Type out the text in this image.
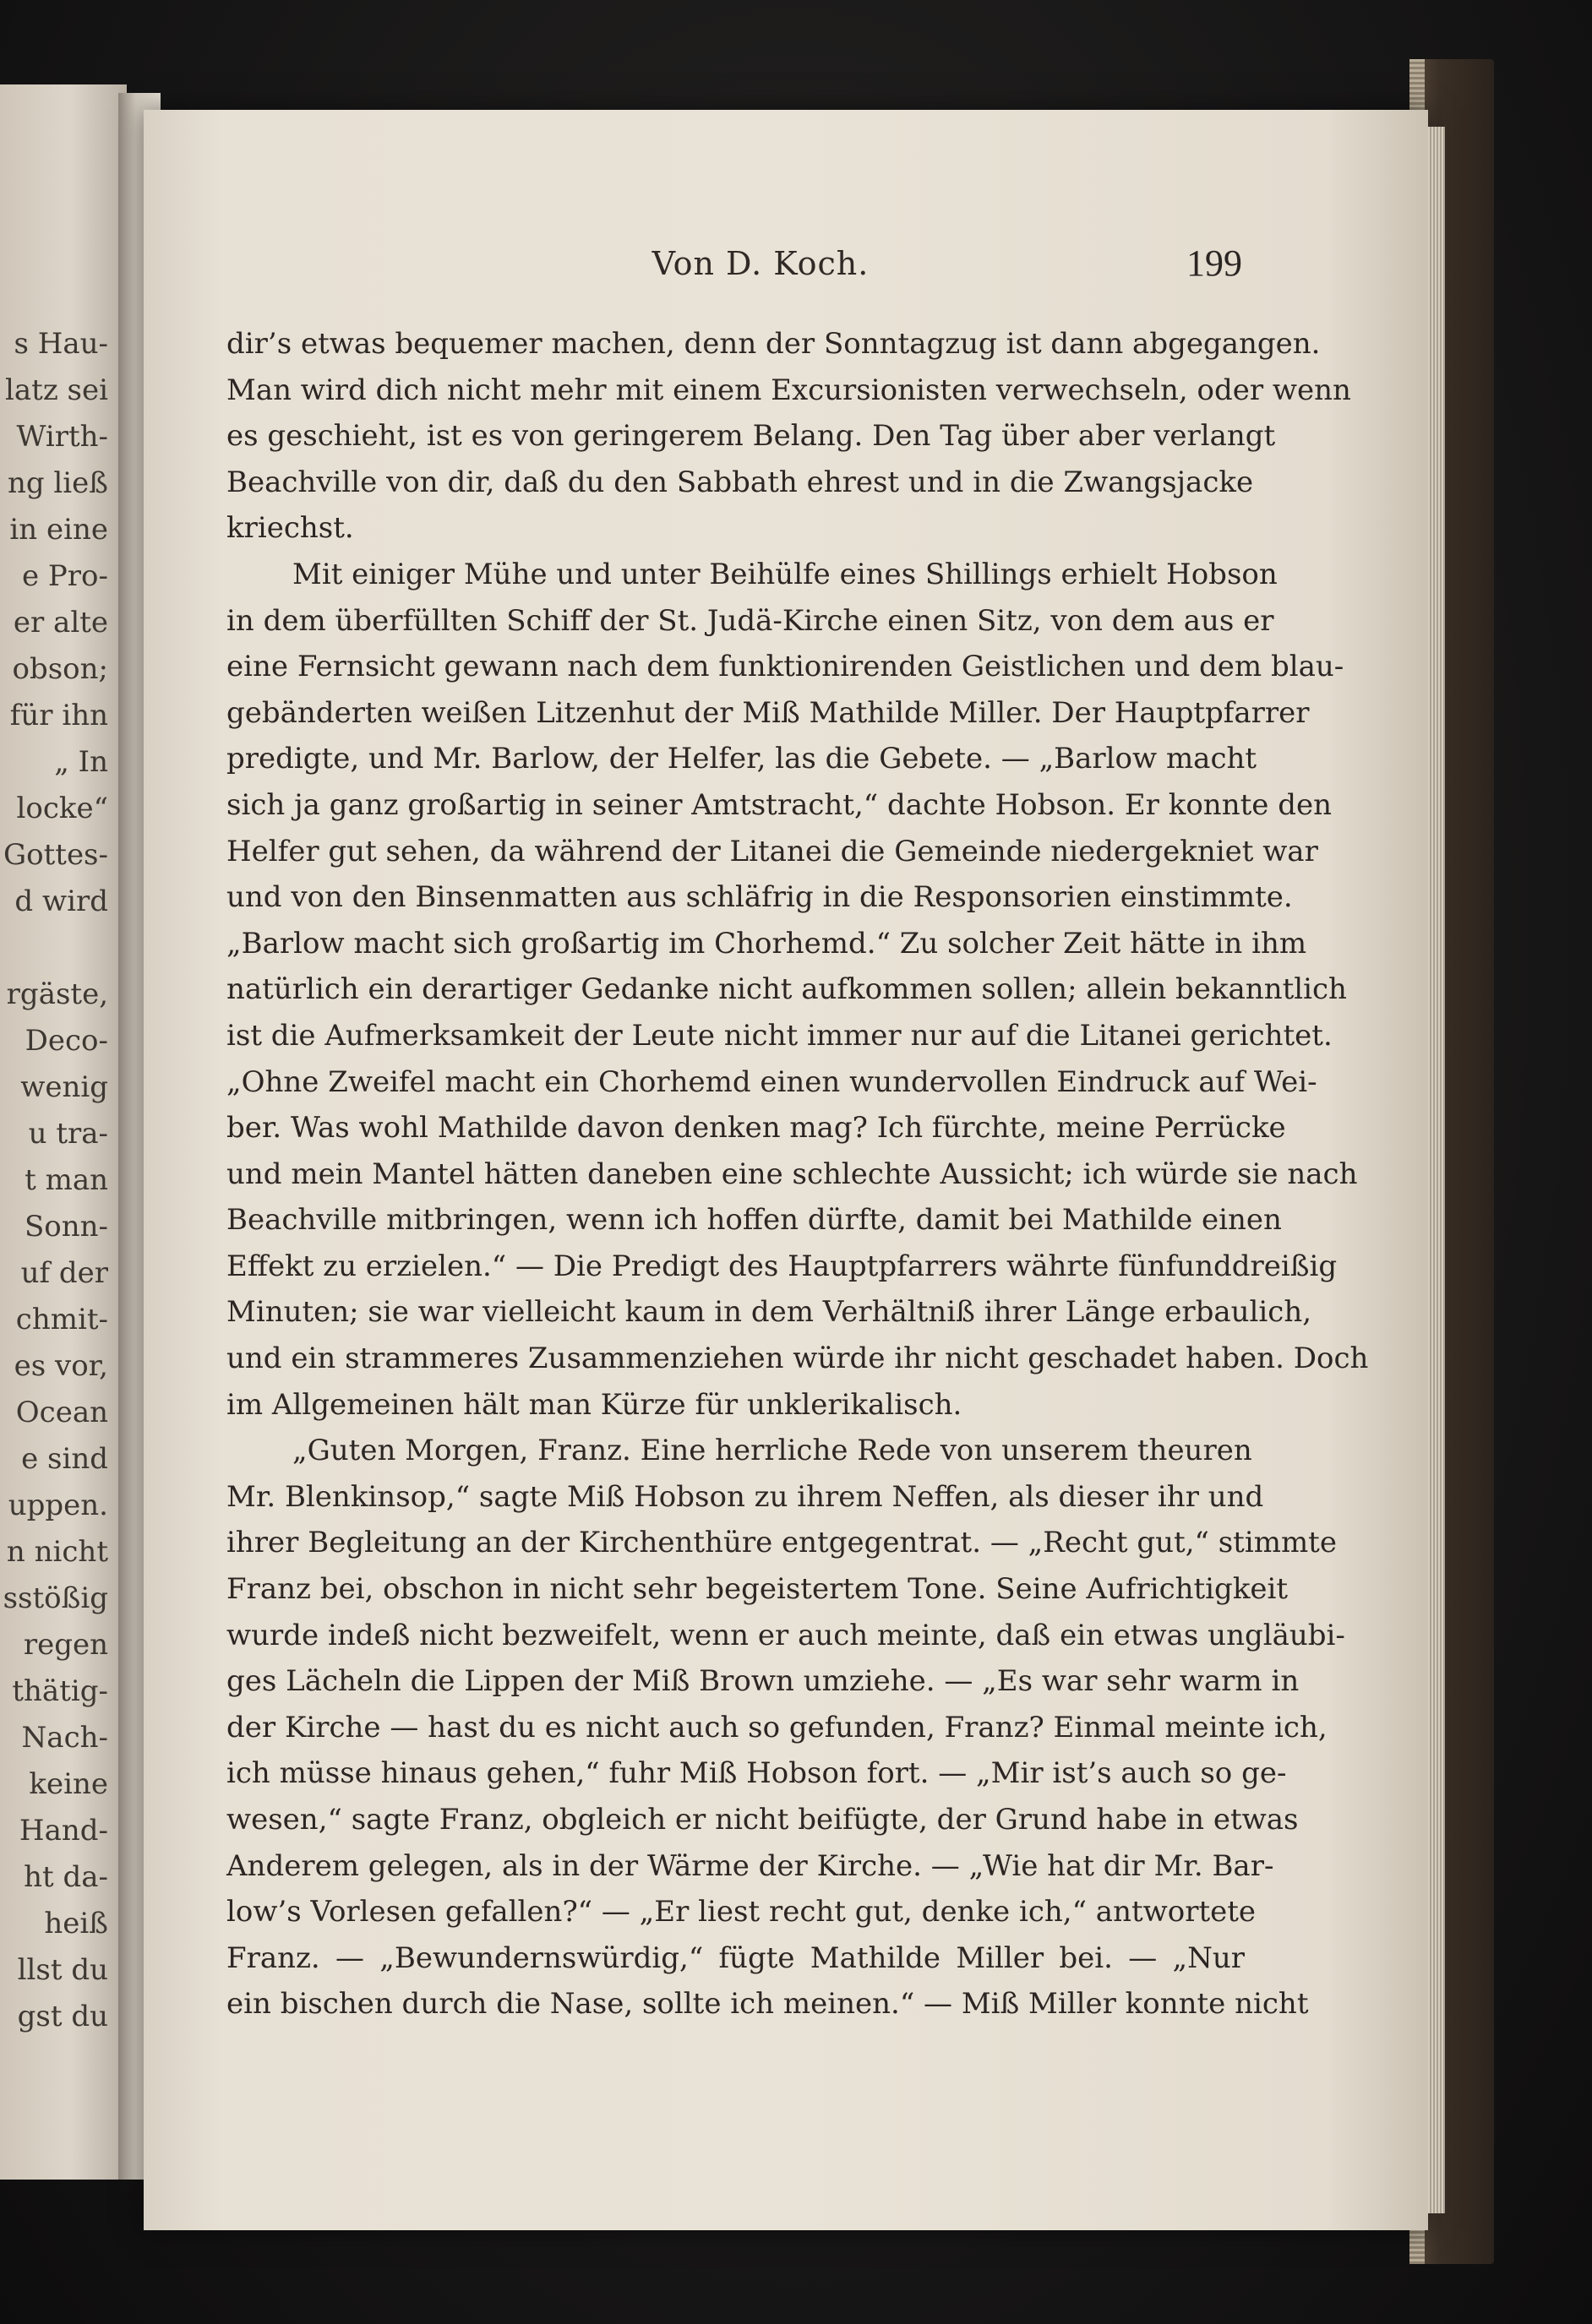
s Hau-
latz sei
Wirth-
ng ließ
in eine
e Pro-
er alte
obson;
für ihn
„ In
locke“
Gottes-
d wird
rgäste,
Deco-
wenig
u tra-
t man
Sonn-
uf der
chmit-
es vor,
Ocean
e sind
uppen.
n nicht
sstößig
regen
thätig-
Nach-
keine
Hand-
ht da-
heiß
llst du
gst du
Von D. Koch.	199
dir’s etwas bequemer machen, denn der Sonntagzug ist dann abgegangen.
Man wird dich nicht mehr mit einem Excursionisten verwechseln, oder wenn
es geschieht, ist es von geringerem Belang. Den Tag über aber verlangt
Beachville von dir, daß du den Sabbath ehrest und in die Zwangsjacke
kriechst.
Mit einiger Mühe und unter Beihülfe eines Shillings erhielt Hobson
in dem überfüllten Schiff der St. Judä-Kirche einen Sitz, von dem aus er
eine Fernsicht gewann nach dem funktionirenden Geistlichen und dem blau-
gebänderten weißen Litzenhut der Miß Mathilde Miller. Der Hauptpfarrer
predigte, und Mr. Barlow, der Helfer, las die Gebete. — „Barlow macht
sich ja ganz großartig in seiner Amtstracht,“ dachte Hobson. Er konnte den
Helfer gut sehen, da während der Litanei die Gemeinde niedergekniet war
und von den Binsenmatten aus schläfrig in die Responsorien einstimmte.
„Barlow macht sich großartig im Chorhemd.“ Zu solcher Zeit hätte in ihm
natürlich ein derartiger Gedanke nicht aufkommen sollen; allein bekanntlich
ist die Aufmerksamkeit der Leute nicht immer nur auf die Litanei gerichtet.
„Ohne Zweifel macht ein Chorhemd einen wundervollen Eindruck auf Wei-
ber. Was wohl Mathilde davon denken mag? Ich fürchte, meine Perrücke
und mein Mantel hätten daneben eine schlechte Aussicht; ich würde sie nach
Beachville mitbringen, wenn ich hoffen dürfte, damit bei Mathilde einen
Effekt zu erzielen.“ — Die Predigt des Hauptpfarrers währte fünfunddreißig
Minuten; sie war vielleicht kaum in dem Verhältniß ihrer Länge erbaulich,
und ein strammeres Zusammenziehen würde ihr nicht geschadet haben. Doch
im Allgemeinen hält man Kürze für unklerikalisch.
„Guten Morgen, Franz. Eine herrliche Rede von unserem theuren
Mr. Blenkinsop,“ sagte Miß Hobson zu ihrem Neffen, als dieser ihr und
ihrer Begleitung an der Kirchenthüre entgegentrat. — „Recht gut,“ stimmte
Franz bei, obschon in nicht sehr begeistertem Tone. Seine Aufrichtigkeit
wurde indeß nicht bezweifelt, wenn er auch meinte, daß ein etwas ungläubi-
ges Lächeln die Lippen der Miß Brown umziehe. — „Es war sehr warm in
der Kirche — hast du es nicht auch so gefunden, Franz? Einmal meinte ich,
ich müsse hinaus gehen,“ fuhr Miß Hobson fort. — „Mir ist’s auch so ge-
wesen,“ sagte Franz, obgleich er nicht beifügte, der Grund habe in etwas
Anderem gelegen, als in der Wärme der Kirche. — „Wie hat dir Mr. Bar-
low’s Vorlesen gefallen?“ — „Er liest recht gut, denke ich,“ antwortete
Franz. — „Bewundernswürdig,“ fügte Mathilde Miller bei. — „Nur
ein bischen durch die Nase, sollte ich meinen.“ — Miß Miller konnte nicht
